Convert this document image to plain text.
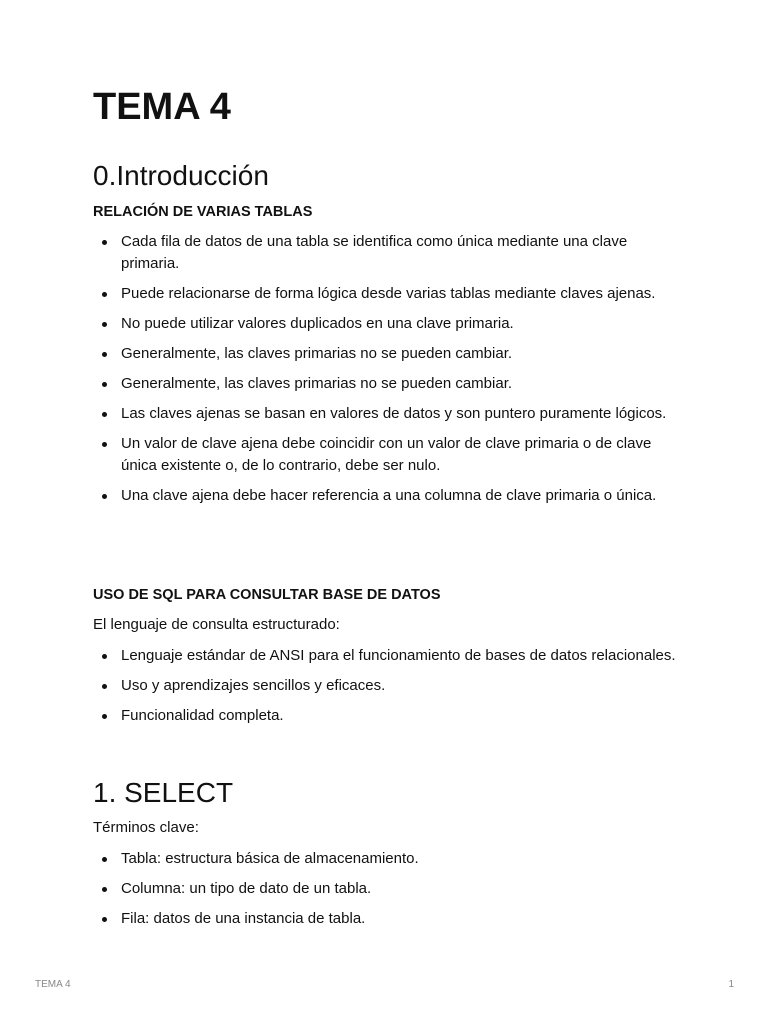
TEMA 4
0.Introducción
RELACIÓN DE VARIAS TABLAS
Cada fila de datos de una tabla se identifica como única mediante una clave primaria.
Puede relacionarse de forma lógica desde varias tablas mediante claves ajenas.
No puede utilizar valores duplicados en una clave primaria.
Generalmente, las claves primarias no se pueden cambiar.
Generalmente, las claves primarias no se pueden cambiar.
Las claves ajenas se basan en valores de datos y son puntero puramente lógicos.
Un valor de clave ajena debe coincidir con un valor de clave primaria o de clave única existente o, de lo contrario, debe ser nulo.
Una clave ajena debe hacer referencia a una columna de clave primaria o única.
USO DE SQL PARA CONSULTAR BASE DE DATOS
El lenguaje de consulta estructurado:
Lenguaje estándar de ANSI para el funcionamiento de bases de datos relacionales.
Uso y aprendizajes sencillos y eficaces.
Funcionalidad completa.
1. SELECT
Términos clave:
Tabla: estructura básica de almacenamiento.
Columna: un tipo de dato de un tabla.
Fila: datos de una instancia de tabla.
TEMA 4	1
